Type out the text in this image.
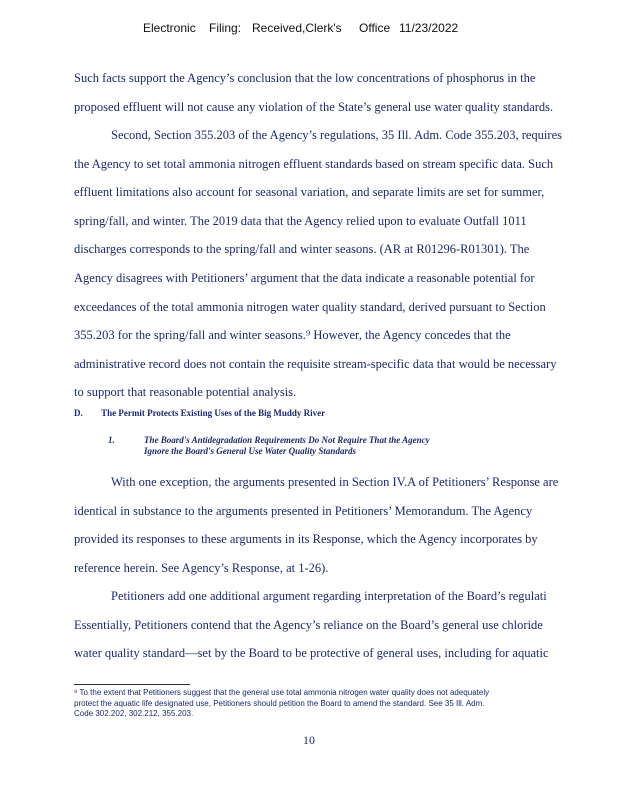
Electronic Filing: Received,Clerk's Office 11/23/2022
Such facts support the Agency’s conclusion that the low concentrations of phosphorus in the
proposed effluent will not cause any violation of the State’s general use water quality standards.
Second, Section 355.203 of the Agency’s regulations, 35 Ill. Adm. Code 355.203, requires
the Agency to set total ammonia nitrogen effluent standards based on stream specific data. Such
effluent limitations also account for seasonal variation, and separate limits are set for summer,
spring/fall, and winter. The 2019 data that the Agency relied upon to evaluate Outfall 1011
discharges corresponds to the spring/fall and winter seasons. (AR at R01296-R01301). The
Agency disagrees with Petitioners’ argument that the data indicate a reasonable potential for
exceedances of the total ammonia nitrogen water quality standard, derived pursuant to Section
355.203 for the spring/fall and winter seasons.⁹ However, the Agency concedes that the
administrative record does not contain the requisite stream-specific data that would be necessary
to support that reasonable potential analysis.
D. The Permit Protects Existing Uses of the Big Muddy River
1.	The Board's Antidegradation Requirements Do Not Require That the Agency
Ignore the Board's General Use Water Quality Standards
With one exception, the arguments presented in Section IV.A of Petitioners’ Response are
identical in substance to the arguments presented in Petitioners’ Memorandum. The Agency
provided its responses to these arguments in its Response, which the Agency incorporates by
reference herein. See Agency’s Response, at 1-26).
Petitioners add one additional argument regarding interpretation of the Board’s regulati
Essentially, Petitioners contend that the Agency’s reliance on the Board’s general use chloride
water quality standard—set by the Board to be protective of general uses, including for aquatic
⁹ To the extent that Petitioners suggest that the general use total ammonia nitrogen water quality does not adequately
protect the aquatic life designated use, Petitioners should petition the Board to amend the standard. See 35 Ill. Adm.
Code 302.202, 302.212, 355.203.
10
